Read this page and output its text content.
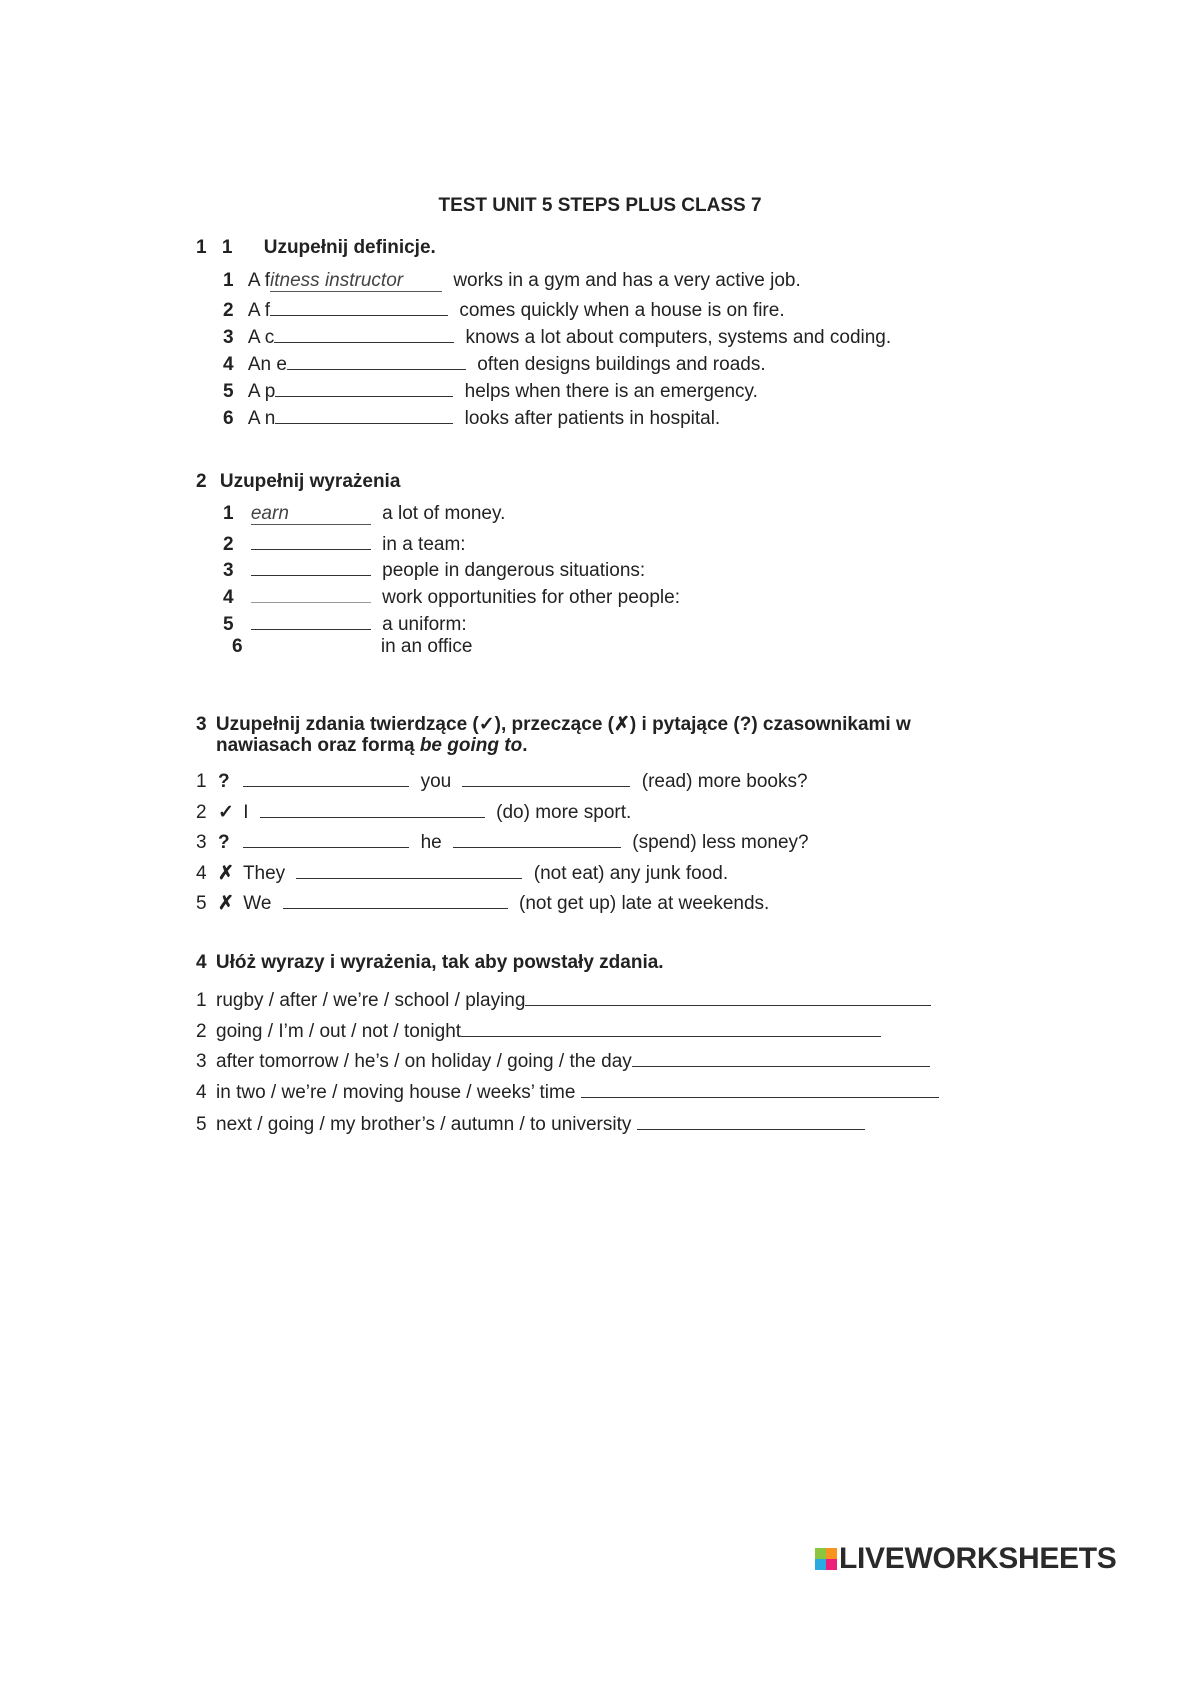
TEST UNIT 5 STEPS PLUS CLASS 7
1 1 Uzupełnij definicje.
1 A fitness instructor	works in a gym and has a very active job.
2 A f	comes quickly when a house is on fire.
3 A c	knows a lot about computers, systems and coding.
4 An e	often designs buildings and roads.
5 A p	helps when there is an emergency.
6 A n	looks after patients in hospital.
2 Uzupełnij wyrażenia
1 earn	a lot of money.
2	in a team:
3	people in dangerous situations:
4	work opportunities for other people:
5	a uniform:
6	in an office
3 Uzupełnij zdania twierdzące (✓), przeczące (✗) i pytające (?) czasownikami w
nawiasach oraz formą be going to.
1 ?	you	(read) more books?
2 ✓ I	(do) more sport.
3 ?	he	(spend) less money?
4 ✗ They	(not eat) any junk food.
5 ✗ We	(not get up) late at weekends.
4 Ułóż wyrazy i wyrażenia, tak aby powstały zdania.
1 rugby / after / we’re / school / playing
2 going / I’m / out / not / tonight
3 after tomorrow / he’s / on holiday / going / the day
4 in two / we’re / moving house / weeks’ time
5 next / going / my brother’s / autumn / to university
LIVEWORKSHEETS
